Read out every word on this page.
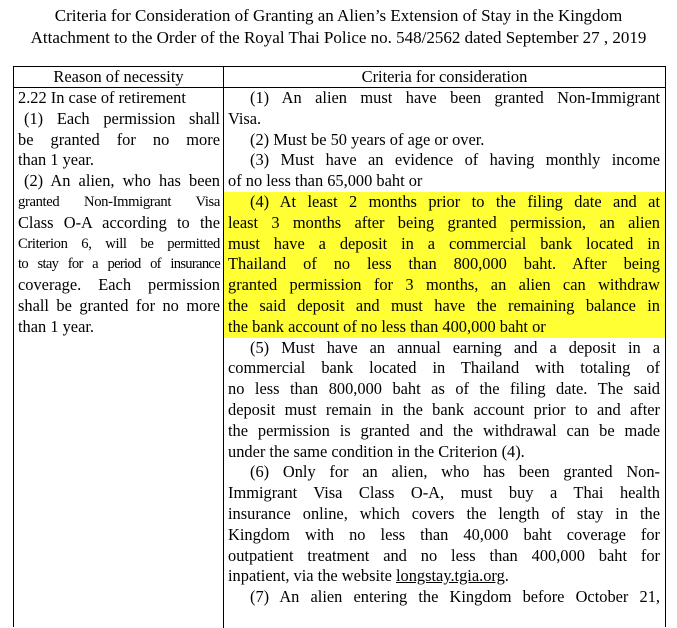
Criteria for Consideration of Granting an Alien’s Extension of Stay in the Kingdom
Attachment to the Order of the Royal Thai Police no. 548/2562 dated September 27 , 2019
Reason of necessity	Criteria for consideration
2.22 In case of retirement
(1) Each permission shall
be granted for no more
than 1 year.
(2) An alien, who has been
granted Non-Immigrant Visa
Class O-A according to the
Criterion 6, will be permitted
to stay for a period of insurance
coverage. Each permission
shall be granted for no more
than 1 year.
(1) An alien must have been granted Non-Immigrant
Visa.
(2) Must be 50 years of age or over.
(3) Must have an evidence of having monthly income
of no less than 65,000 baht or
(4) At least 2 months prior to the filing date and at
least 3 months after being granted permission, an alien
must have a deposit in a commercial bank located in
Thailand of no less than 800,000 baht. After being
granted permission for 3 months, an alien can withdraw
the said deposit and must have the remaining balance in
the bank account of no less than 400,000 baht or
(5) Must have an annual earning and a deposit in a
commercial bank located in Thailand with totaling of
no less than 800,000 baht as of the filing date. The said
deposit must remain in the bank account prior to and after
the permission is granted and the withdrawal can be made
under the same condition in the Criterion (4).
(6) Only for an alien, who has been granted Non-
Immigrant Visa Class O-A, must buy a Thai health
insurance online, which covers the length of stay in the
Kingdom with no less than 40,000 baht coverage for
outpatient treatment and no less than 400,000 baht for
inpatient, via the website longstay.tgia.org.
(7) An alien entering the Kingdom before October 21,
